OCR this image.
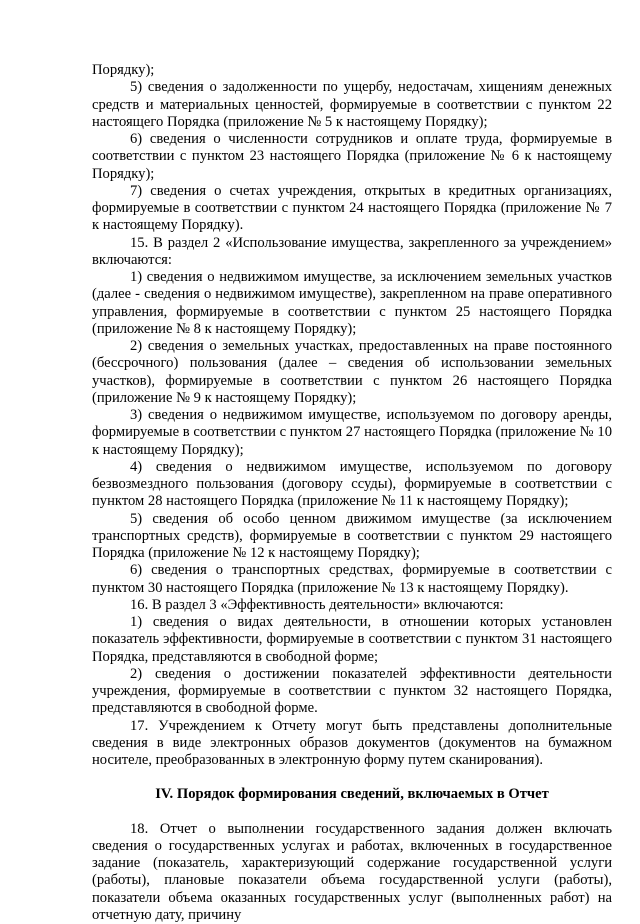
Порядку);

5) сведения о задолженности по ущербу, недостачам, хищениям денежных средств и материальных ценностей, формируемые в соответствии с пунктом 22 настоящего Порядка (приложение № 5 к настоящему Порядку);

6) сведения о численности сотрудников и оплате труда, формируемые в соответствии с пунктом 23 настоящего Порядка (приложение № 6 к настоящему Порядку);

7) сведения о счетах учреждения, открытых в кредитных организациях, формируемые в соответствии с пунктом 24 настоящего Порядка (приложение № 7 к настоящему Порядку).

15. В раздел 2 «Использование имущества, закрепленного за учреждением» включаются:

1) сведения о недвижимом имуществе, за исключением земельных участков (далее - сведения о недвижимом имуществе), закрепленном на праве оперативного управления, формируемые в соответствии с пунктом 25 настоящего Порядка (приложение № 8 к настоящему Порядку);

2) сведения о земельных участках, предоставленных на праве постоянного (бессрочного) пользования (далее – сведения об использовании земельных участков), формируемые в соответствии с пунктом 26 настоящего Порядка (приложение № 9 к настоящему Порядку);

3) сведения о недвижимом имуществе, используемом по договору аренды, формируемые в соответствии с пунктом 27 настоящего Порядка (приложение № 10 к настоящему Порядку);

4) сведения о недвижимом имуществе, используемом по договору безвозмездного пользования (договору ссуды), формируемые в соответствии с пунктом 28 настоящего Порядка (приложение № 11 к настоящему Порядку);

5) сведения об особо ценном движимом имуществе (за исключением транспортных средств), формируемые в соответствии с пунктом 29 настоящего Порядка (приложение № 12 к настоящему Порядку);

6) сведения о транспортных средствах, формируемые в соответствии с пунктом 30 настоящего Порядка (приложение № 13 к настоящему Порядку).

16. В раздел 3 «Эффективность деятельности» включаются:

1) сведения о видах деятельности, в отношении которых установлен показатель эффективности, формируемые в соответствии с пунктом 31 настоящего Порядка, представляются в свободной форме;

2) сведения о достижении показателей эффективности деятельности учреждения, формируемые в соответствии с пунктом 32 настоящего Порядка, представляются в свободной форме.

17. Учреждением к Отчету могут быть представлены дополнительные сведения в виде электронных образов документов (документов на бумажном носителе, преобразованных в электронную форму путем сканирования).

IV. Порядок формирования сведений, включаемых в Отчет

18. Отчет о выполнении государственного задания должен включать сведения о государственных услугах и работах, включенных в государственное задание (показатель, характеризующий содержание государственной услуги (работы), плановые показатели объема государственной услуги (работы), показатели объема оказанных государственных услуг (выполненных работ) на отчетную дату, причину
